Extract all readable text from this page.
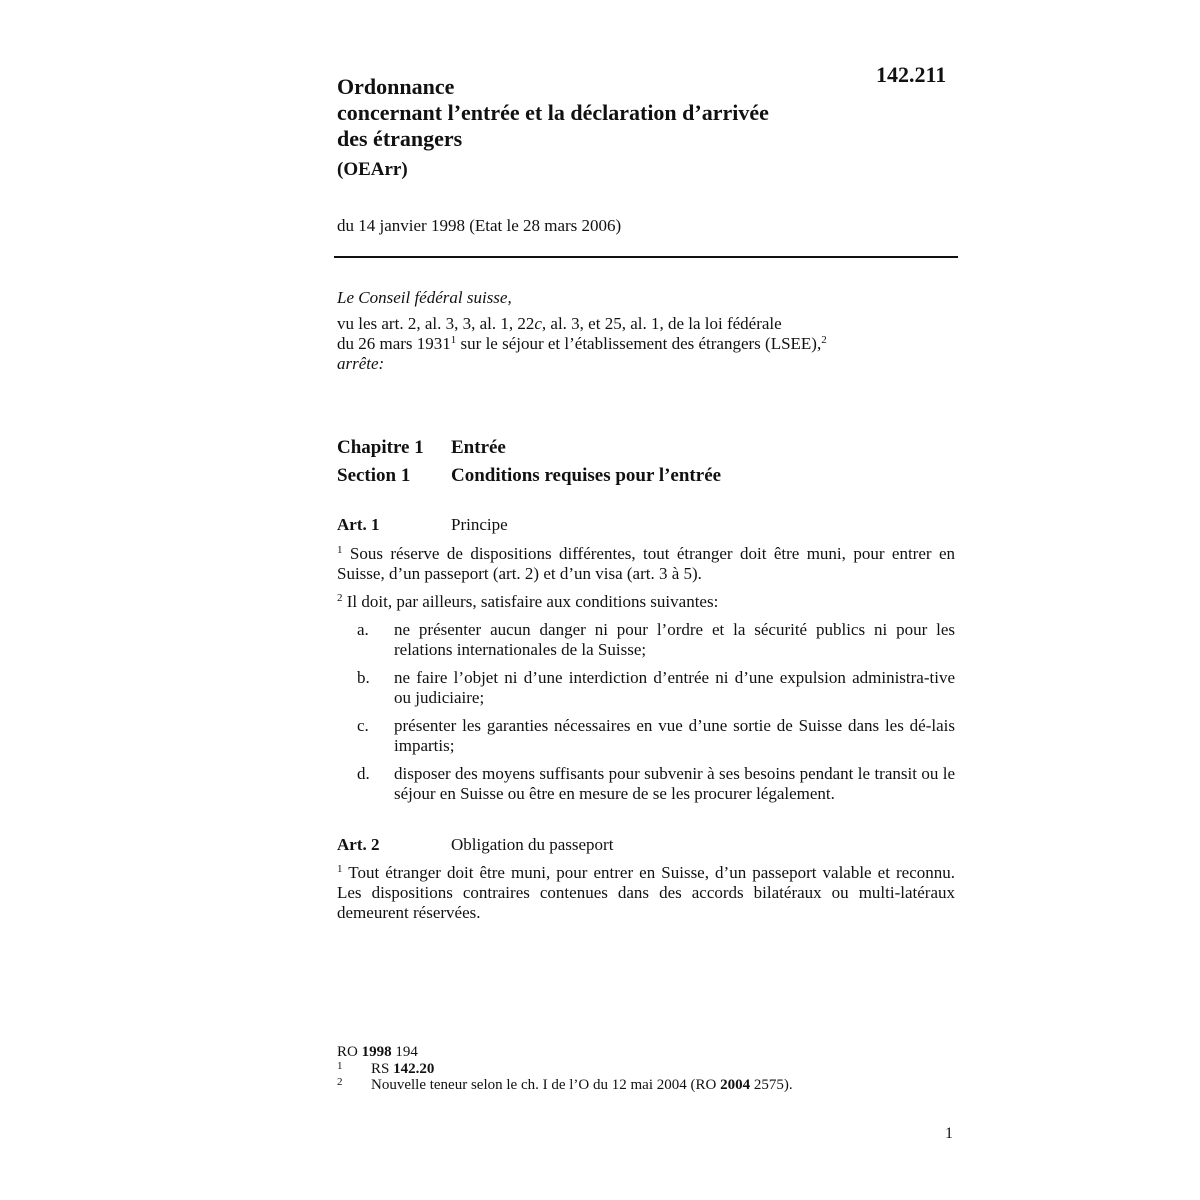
142.211
Ordonnance
concernant l’entrée et la déclaration d’arrivée
des étrangers
(OEArr)
du 14 janvier 1998 (Etat le 28 mars 2006)

Le Conseil fédéral suisse,

vu les art. 2, al. 3, 3, al. 1, 22c, al. 3, et 25, al. 1, de la loi fédérale
du 26 mars 1931$^1$ sur le séjour et l’établissement des étrangers (LSEE),$^2$

arrête:

Chapitre 1 Entrée
Section 1 Conditions requises pour l’entrée
Art. 1	Principe

$^1$ Sous réserve de dispositions différentes, tout étranger doit être muni, pour entrer en Suisse, d’un passeport (art. 2) et d’un visa (art. 3 à 5).

$^2$ Il doit, par ailleurs, satisfaire aux conditions suivantes:

a. ne présenter aucun danger ni pour l’ordre et la sécurité publics ni pour les relations internationales de la Suisse;
b. ne faire l’objet ni d’une interdiction d’entrée ni d’une expulsion administra-tive ou judiciaire;
c. présenter les garanties nécessaires en vue d’une sortie de Suisse dans les dé-lais impartis;
d. disposer des moyens suffisants pour subvenir à ses besoins pendant le transit ou le séjour en Suisse ou être en mesure de se les procurer légalement.
Art. 2	Obligation du passeport

$^1$ Tout étranger doit être muni, pour entrer en Suisse, d’un passeport valable et reconnu. Les dispositions contraires contenues dans des accords bilatéraux ou multi-latéraux demeurent réservées.

RO 1998 194
1 RS 142.20
2 Nouvelle teneur selon le ch. I de l’O du 12 mai 2004 (RO 2004 2575).
1
